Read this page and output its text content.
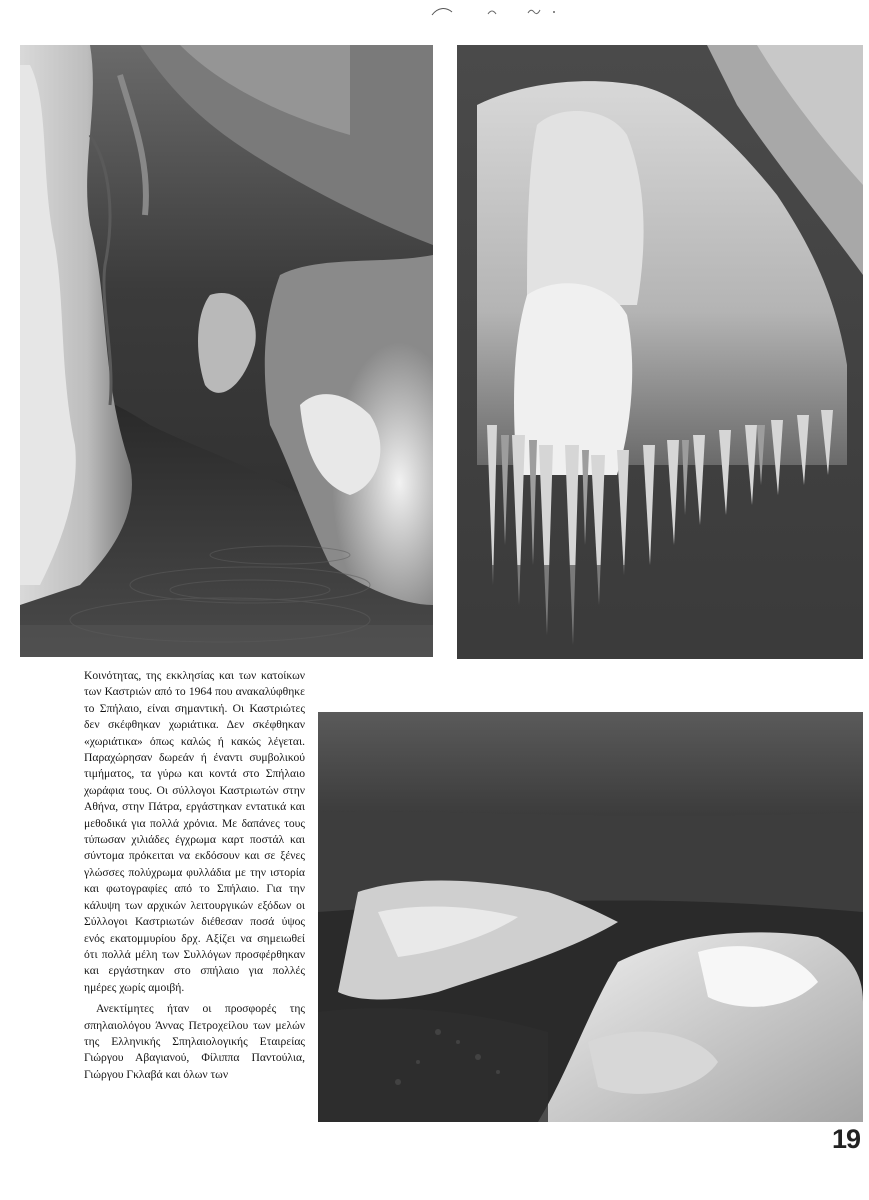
Κοινότητας, της εκκλησίας και των κατοίκων των Καστριών από το 1964 που ανακαλύφθηκε το Σπήλαιο, είναι σημαντική. Οι Καστριώτες δεν σκέφθηκαν χωριάτικα. Δεν σκέφθηκαν «χωριάτικα» όπως καλώς ή κακώς λέγεται. Παραχώρησαν δωρεάν ή έναντι συμβολικού τιμήματος, τα γύρω και κοντά στο Σπήλαιο χωράφια τους. Οι σύλλογοι Καστριωτών στην Αθήνα, στην Πάτρα, εργάστηκαν εντατικά και μεθοδικά για πολλά χρόνια. Με δαπάνες τους τύπωσαν χιλιάδες έγχρωμα καρτ ποστάλ και σύντομα πρόκειται να εκδόσουν και σε ξένες γλώσσες πολύχρωμα φυλλάδια με την ιστορία και φωτογραφίες από το Σπήλαιο. Για την κάλυψη των αρχικών λειτουργικών εξόδων οι Σύλλογοι Καστριωτών διέθεσαν ποσά ύψος ενός εκατομμυρίου δρχ. Αξίζει να σημειωθεί ότι πολλά μέλη των Συλλόγων προσφέρθηκαν και εργάστηκαν στο σπήλαιο για πολλές ημέρες χωρίς αμοιβή.

Ανεκτίμητες ήταν οι προσφορές της σπηλαιολόγου Άννας Πετροχείλου των μελών της Ελληνικής Σπηλαιολογικής Εταιρείας Γιώργου Αβαγιανού, Φίλιππα Παντούλια, Γιώργου Γκλαβά και όλων των

19
